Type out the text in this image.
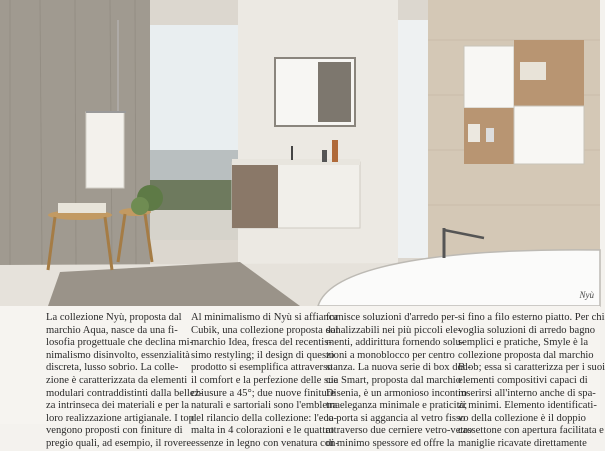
Nyù
La collezione Nyù, proposta dal
marchio Aqua, nasce da una fi-
losofia progettuale che declina mi-
nimalismo disinvolto, essenzialità
discreta, lusso sobrio. La colle-
zione è caratterizzata da elementi
modulari contraddistinti dalla bellez-
za intrinseca dei materiali e per la
loro realizzazione artigianale. I top
vengono proposti con finiture di
pregio quali, ad esempio, il rovere
Al minimalismo di Nyù si affianca
Cubik, una collezione proposta dal
marchio Idea, fresca del recentis-
simo restyling; il design di questo
prodotto si esemplifica attraverso
il comfort e la perfezione delle sue
chiusure a 45°; due nuove finiture
naturali e sartoriali sono l'emblema
del rilancio della collezione: l'eco-
malta in 4 colorazioni e le quattro
essenze in legno con venatura con-
fornisce soluzioni d'arredo per-
sonalizzabili nei più piccoli ele-
menti, addirittura fornendo solu-
zioni a monoblocco per centro
stanza. La nuova serie di box doc-
cia Smart, proposta dal marchio
Disenia, è un armonioso incontro
tra eleganza minimale e praticità;
la porta si aggancia al vetro fisso
attraverso due cerniere vetro-vetro
di minimo spessore ed offre la
si fino a filo esterno piatto. Per chi
voglia soluzioni di arredo bagno
semplici e pratiche, Smyle è la
collezione proposta dal marchio
Blob; essa si caratterizza per i suoi
elementi compositivi capaci di
inserirsi all'interno anche di spa-
zi minimi. Elemento identificati-
vo della collezione è il doppio
cassettone con apertura facilitata e
maniglie ricavate direttamente
